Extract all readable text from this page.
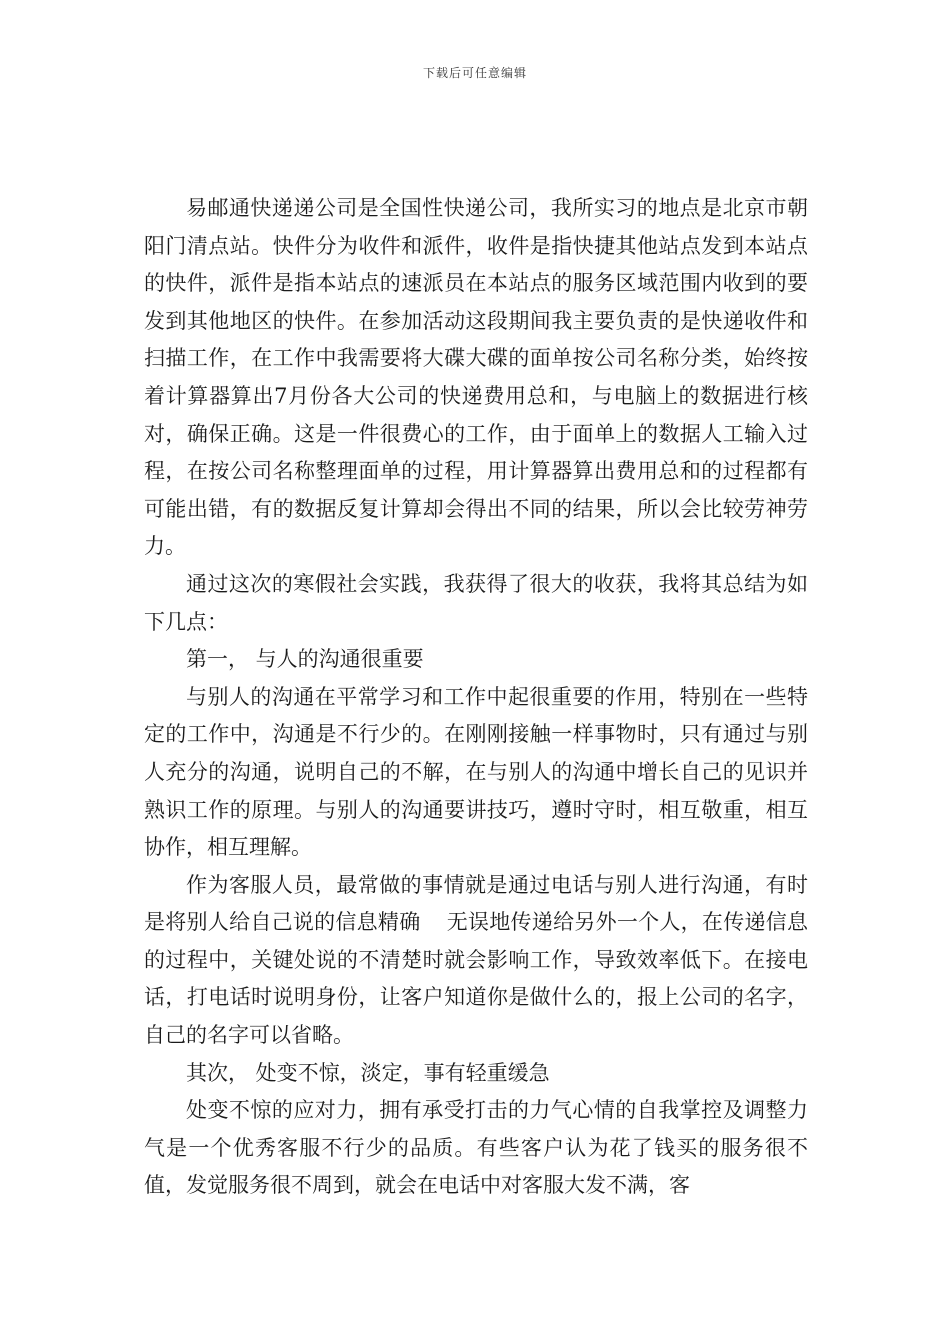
下载后可任意编辑

易邮通快递递公司是全国性快递公司，我所实习的地点是北京市朝阳门清点站。快件分为收件和派件，收件是指快捷其他站点发到本站点的快件，派件是指本站点的速派员在本站点的服务区域范围内收到的要发到其他地区的快件。在参加活动这段期间我主要负责的是快递收件和扫描工作，在工作中我需要将大碟大碟的面单按公司名称分类，始终按着计算器算出7月份各大公司的快递费用总和，与电脑上的数据进行核对，确保正确。这是一件很费心的工作，由于面单上的数据人工输入过程，在按公司名称整理面单的过程，用计算器算出费用总和的过程都有可能出错，有的数据反复计算却会得出不同的结果，所以会比较劳神劳力。

通过这次的寒假社会实践，我获得了很大的收获，我将其总结为如下几点：

第一， 与人的沟通很重要

与别人的沟通在平常学习和工作中起很重要的作用，特别在一些特定的工作中，沟通是不行少的。在刚刚接触一样事物时，只有通过与别人充分的沟通，说明自己的不解，在与别人的沟通中增长自己的见识并熟识工作的原理。与别人的沟通要讲技巧，遵时守时，相互敬重，相互协作，相互理解。

作为客服人员，最常做的事情就是通过电话与别人进行沟通，有时是将别人给自己说的信息精确 无误地传递给另外一个人，在传递信息的过程中，关键处说的不清楚时就会影响工作，导致效率低下。在接电话，打电话时说明身份，让客户知道你是做什么的，报上公司的名字，自己的名字可以省略。

其次， 处变不惊，淡定，事有轻重缓急

处变不惊的应对力，拥有承受打击的力气心情的自我掌控及调整力气是一个优秀客服不行少的品质。有些客户认为花了钱买的服务很不值，发觉服务很不周到，就会在电话中对客服大发不满，客
